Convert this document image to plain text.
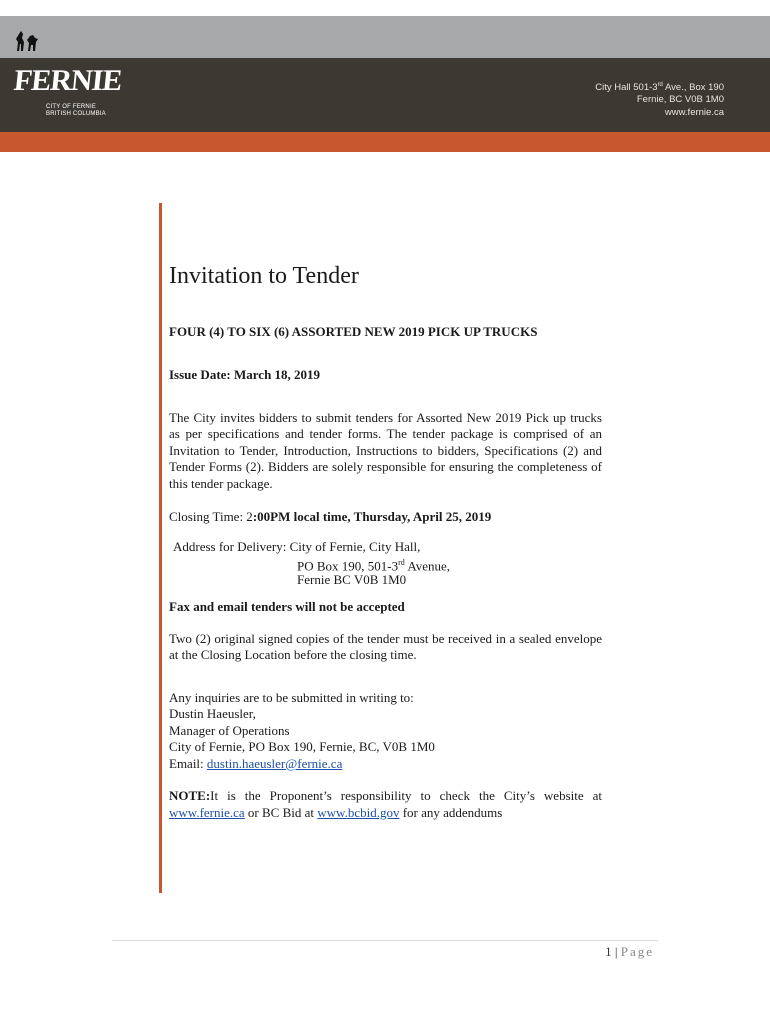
FERNIE
CITY OF FERNIE
BRITISH COLUMBIA
City Hall 501-3rd Ave., Box 190
Fernie, BC V0B 1M0
www.fernie.ca
Invitation to Tender

FOUR (4) TO SIX (6) ASSORTED NEW 2019 PICK UP TRUCKS

Issue Date: March 18, 2019

The City invites bidders to submit tenders for Assorted New 2019 Pick up trucks as per specifications and tender forms. The tender package is comprised of an Invitation to Tender, Introduction, Instructions to bidders, Specifications (2) and Tender Forms (2). Bidders are solely responsible for ensuring the completeness of this tender package.

Closing Time: 2:00PM local time, Thursday, April 25, 2019

Address for Delivery: City of Fernie, City Hall,
PO Box 190, 501-3rd Avenue,
Fernie BC V0B 1M0

Fax and email tenders will not be accepted

Two (2) original signed copies of the tender must be received in a sealed envelope at the Closing Location before the closing time.

Any inquiries are to be submitted in writing to:
Dustin Haeusler,
Manager of Operations
City of Fernie, PO Box 190, Fernie, BC, V0B 1M0
Email: dustin.haeusler@fernie.ca

NOTE:It is the Proponent’s responsibility to check the City’s website at www.fernie.ca or BC Bid at www.bcbid.gov for any addendums

1 | Page
